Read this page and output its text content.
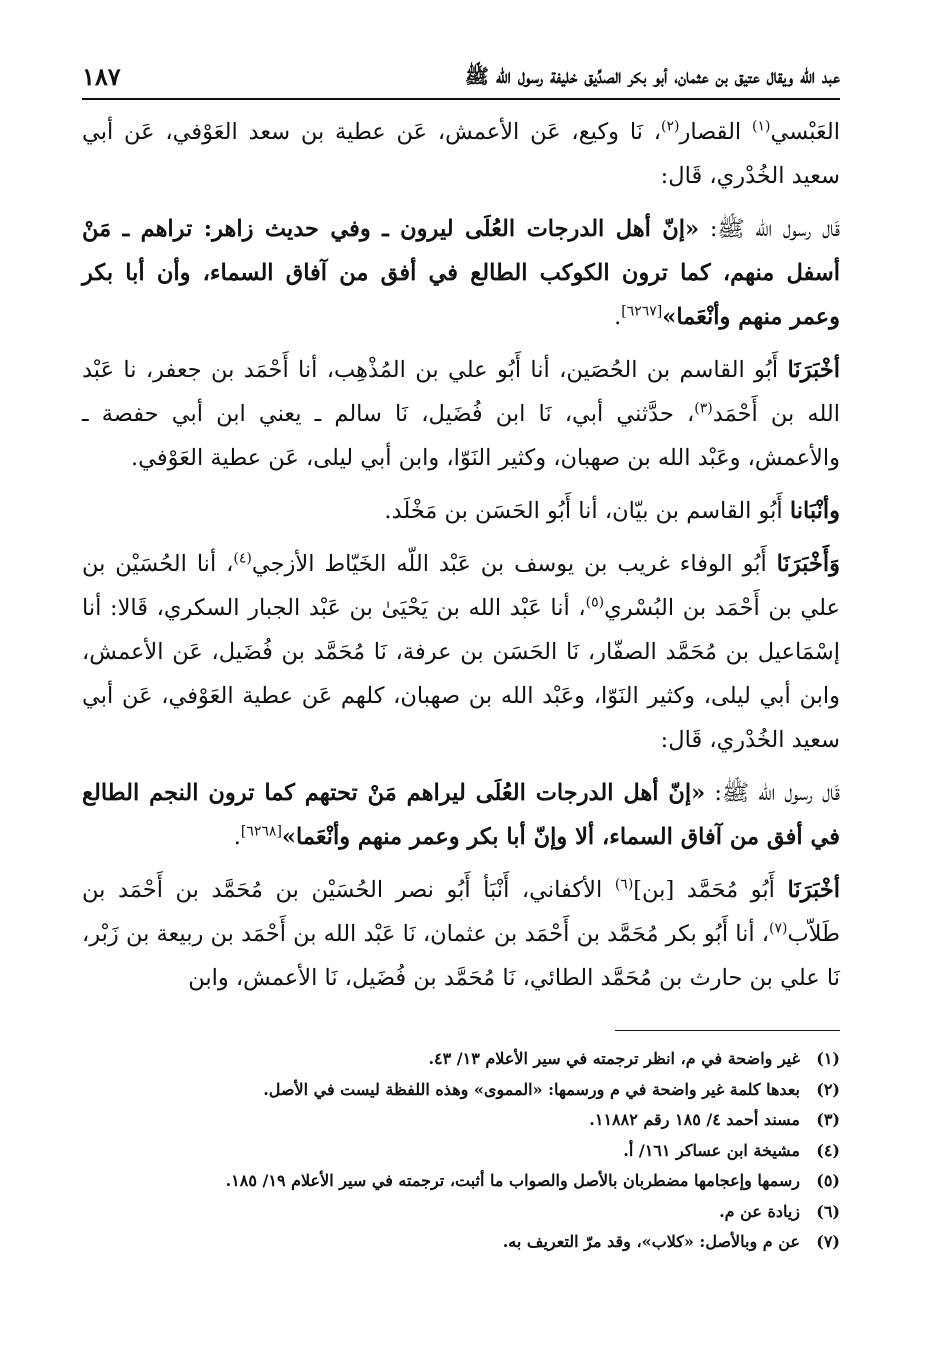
عبد الله ويقال عتيق بن عثمان، أبو بكر الصدِّيق خليفة رسول الله ﷺ
١٨٧

العَبْسي$^{(١)}$ القصار$^{(٢)}$، نَا وكيع، عَن الأعمش، عَن عطية بن سعد العَوْفي، عَن أبي سعيد الخُدْري، قَال:

قَال رسول الله ﷺ: «إنّ أهل الدرجات العُلَى ليرون ـ وفي حديث زاهر: تراهم ـ مَنْ أسفل منهم، كما ترون الكوكب الطالع في أفق من آفاق السماء، وأن أبا بكر وعمر منهم وأنْعَما»[٦٢٦٧].

أخْبَرَنَا أَبُو القاسم بن الحُصَين، أنا أَبُو علي بن المُذْهِب، أنا أَحْمَد بن جعفر، نا عَبْد الله بن أَحْمَد$^{(٣)}$، حدَّثني أبي، نَا ابن فُضَيل، نَا سالم ـ يعني ابن أبي حفصة ـ والأعمش، وعَبْد الله بن صهبان، وكثير النَوّا، وابن أبي ليلى، عَن عطية العَوْفي.

وأنْبَانا أَبُو القاسم بن بيّان، أنا أَبُو الحَسَن بن مَخْلَد.

وَأَخْبَرَنَا أَبُو الوفاء غريب بن يوسف بن عَبْد اللّه الخَيّاط الأزجي$^{(٤)}$، أنا الحُسَيْن بن علي بن أَحْمَد بن البُسْري$^{(٥)}$، أنا عَبْد الله بن يَحْيَىٰ بن عَبْد الجبار السكري، قَالا: أنا إسْمَاعيل بن مُحَمَّد الصفّار، نَا الحَسَن بن عرفة، نَا مُحَمَّد بن فُضَيل، عَن الأعمش، وابن أبي ليلى، وكثير النَوّا، وعَبْد الله بن صهبان، كلهم عَن عطية العَوْفي، عَن أبي سعيد الخُدْري، قَال:

قَال رسول الله ﷺ: «إنّ أهل الدرجات العُلَى ليراهم مَنْ تحتهم كما ترون النجم الطالع في أفق من آفاق السماء، ألا وإنّ أبا بكر وعمر منهم وأنْعَما»[٦٢٦٨].

أخْبَرَنَا أَبُو مُحَمَّد [بن]$^{(٦)}$ الأكفاني، أَنْبَأ أَبُو نصر الحُسَيْن بن مُحَمَّد بن أَحْمَد بن طَلاّب$^{(٧)}$، أنا أَبُو بكر مُحَمَّد بن أَحْمَد بن عثمان، نَا عَبْد الله بن أَحْمَد بن ربيعة بن زَبْر، نَا علي بن حارث بن مُحَمَّد الطائي، نَا مُحَمَّد بن فُضَيل، نَا الأعمش، وابن

(١)
غير واضحة في م، انظر ترجمته في سير الأعلام ١٣/ ٤٣.
(٢)
بعدها كلمة غير واضحة في م ورسمها: «المموى» وهذه اللفظة ليست في الأصل.
(٣)
مسند أحمد ٤/ ١٨٥ رقم ١١٨٨٢.
(٤)
مشيخة ابن عساكر ١٦١/ أ.
(٥)
رسمها وإعجامها مضطربان بالأصل والصواب ما أثبت، ترجمته في سير الأعلام ١٩/ ١٨٥.
(٦)
زيادة عن م.
(٧)
عن م وبالأصل: «كلاب»، وقد مرّ التعريف به.
